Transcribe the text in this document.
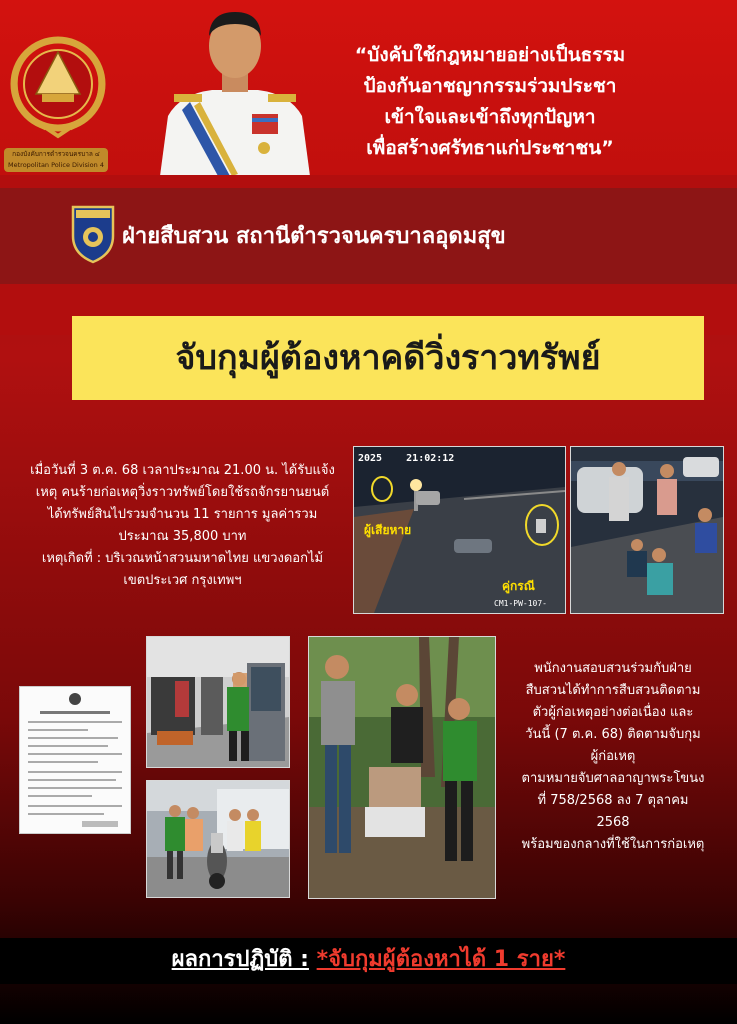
กองบังคับการตำรวจนครบาล ๔
Metropolitan Police Division 4
“บังคับใช้กฎหมายอย่างเป็นธรรม
ป้องกันอาชญากรรมร่วมประชา
เข้าใจและเข้าถึงทุกปัญหา
เพื่อสร้างศรัทธาแก่ประชาชน”
ฝ่ายสืบสวน สถานีตำรวจนครบาลอุดมสุข
จับกุมผู้ต้องหาคดีวิ่งราวทรัพย์
เมื่อวันที่ 3 ต.ค. 68 เวลาประมาณ 21.00 น. ได้รับแจ้ง
เหตุ คนร้ายก่อเหตุวิ่งราวทรัพย์โดยใช้รถจักรยานยนต์
ได้ทรัพย์สินไปรวมจำนวน 11 รายการ มูลค่ารวม
ประมาณ 35,800 บาท
เหตุเกิดที่ : บริเวณหน้าสวนมหาดไทย แขวงดอกไม้
เขตประเวศ กรุงเทพฯ
2025    21:02:12
ผู้เสียหาย
คู่กรณี
CM1-PW-107-
พนักงานสอบสวนร่วมกับฝ่าย
สืบสวนได้ทำการสืบสวนติดตาม
ตัวผู้ก่อเหตุอย่างต่อเนื่อง และ
วันนี้ (7 ต.ค. 68) ติดตามจับกุม
ผู้ก่อเหตุ
ตามหมายจับศาลอาญาพระโขนง
ที่ 758/2568 ลง 7 ตุลาคม
2568
พร้อมของกลางที่ใช้ในการก่อเหตุ
ผลการปฏิบัติ : *จับกุมผู้ต้องหาได้ 1 ราย*
